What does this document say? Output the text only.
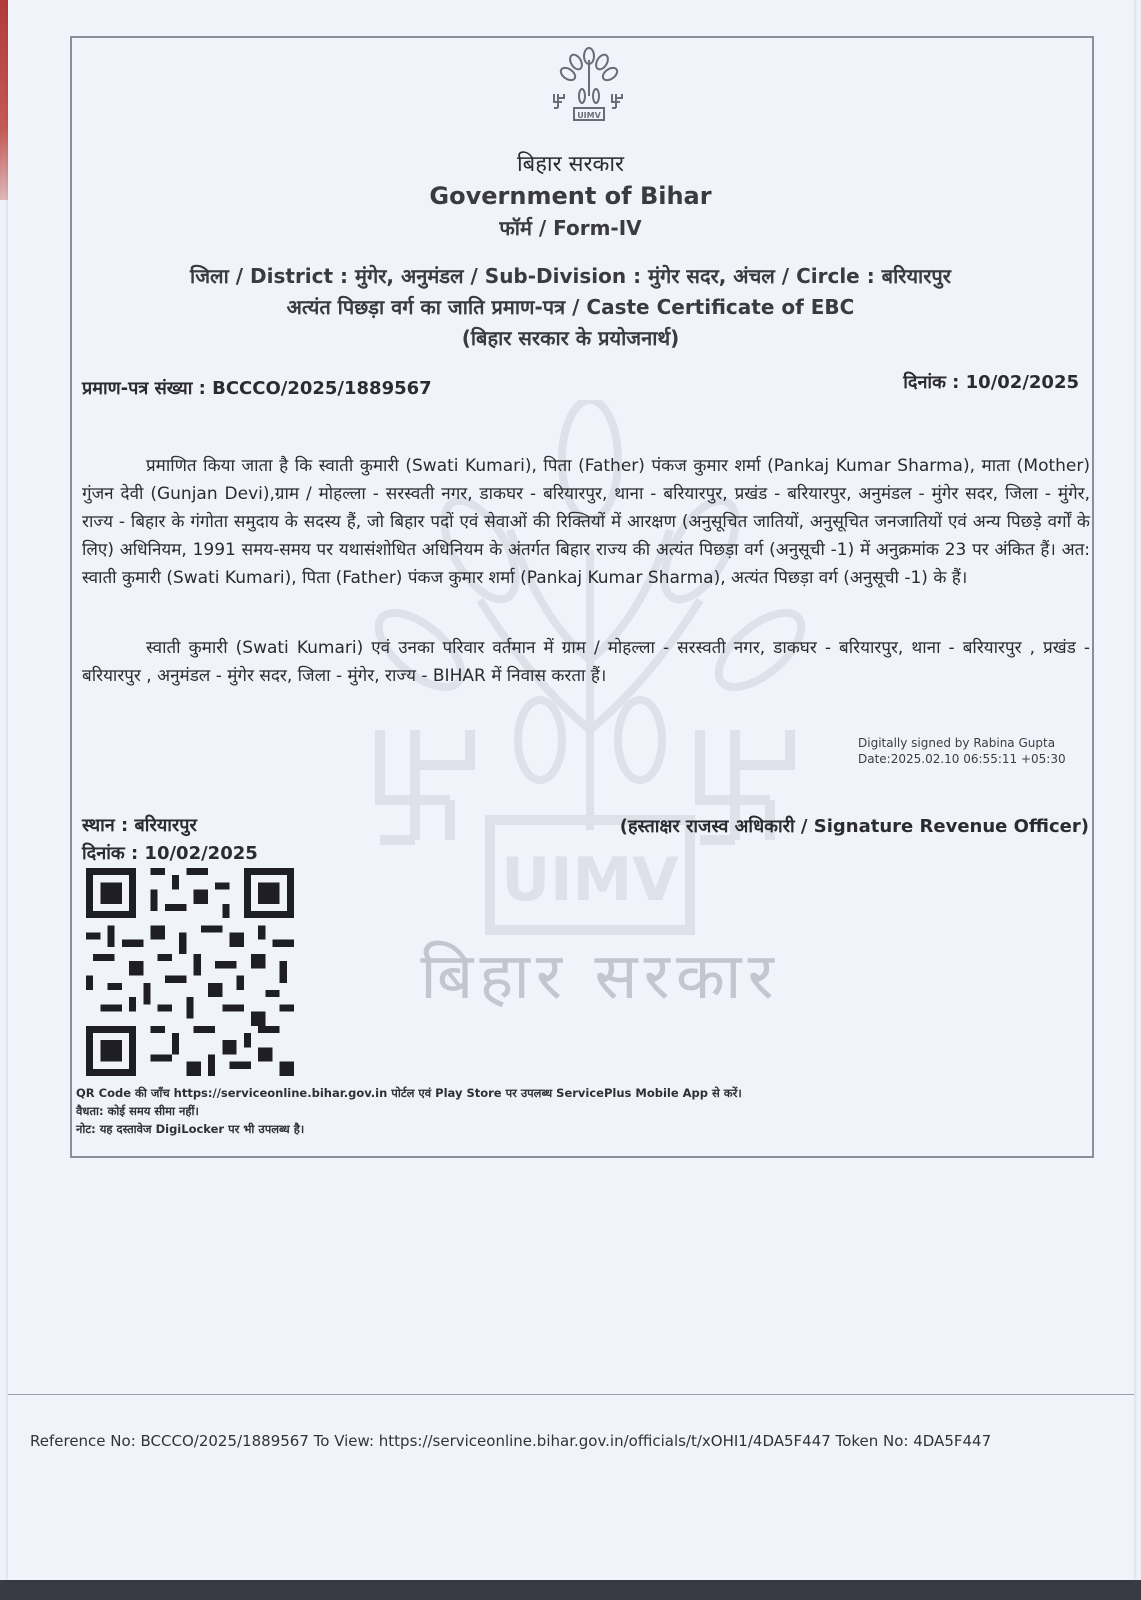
UIMV
बिहार सरकार
UIMV
बिहार सरकार
Government of Bihar
फॉर्म / Form-IV
जिला / District : मुंगेर, अनुमंडल / Sub-Division : मुंगेर सदर, अंचल / Circle : बरियारपुर
अत्यंत पिछड़ा वर्ग का जाति प्रमाण-पत्र / Caste Certificate of EBC
(बिहार सरकार के प्रयोजनार्थ)
प्रमाण-पत्र संख्या : BCCCO/2025/1889567	दिनांक : 10/02/2025

प्रमाणित किया जाता है कि स्वाती कुमारी (Swati Kumari), पिता (Father) पंकज कुमार शर्मा (Pankaj Kumar Sharma), माता (Mother) गुंजन देवी (Gunjan Devi),ग्राम / मोहल्ला - सरस्वती नगर, डाकघर - बरियारपुर, थाना - बरियारपुर, प्रखंड - बरियारपुर, अनुमंडल - मुंगेर सदर, जिला - मुंगेर, राज्य - बिहार के गंगोता समुदाय के सदस्य हैं, जो बिहार पदों एवं सेवाओं की रिक्तियों में आरक्षण (अनुसूचित जातियों, अनुसूचित जनजातियों एवं अन्य पिछड़े वर्गों के लिए) अधिनियम, 1991 समय-समय पर यथासंशोधित अधिनियम के अंतर्गत बिहार राज्य की अत्यंत पिछड़ा वर्ग (अनुसूची -1) में अनुक्रमांक 23 पर अंकित हैं। अत: स्वाती कुमारी (Swati Kumari), पिता (Father) पंकज कुमार शर्मा (Pankaj Kumar Sharma), अत्यंत पिछड़ा वर्ग (अनुसूची -1) के हैं।

स्वाती कुमारी (Swati Kumari) एवं उनका परिवार वर्तमान में ग्राम / मोहल्ला - सरस्वती नगर, डाकघर - बरियारपुर, थाना - बरियारपुर , प्रखंड - बरियारपुर , अनुमंडल - मुंगेर सदर, जिला - मुंगेर, राज्य - BIHAR में निवास करता हैं।

Digitally signed by Rabina Gupta
Date:2025.02.10 06:55:11 +05:30
स्थान : बरियारपुर
दिनांक : 10/02/2025
(हस्ताक्षर राजस्व अधिकारी / Signature Revenue Officer)
QR Code की जाँच https://serviceonline.bihar.gov.in पोर्टल एवं Play Store पर उपलब्ध ServicePlus Mobile App से करें।
वैधता: कोई समय सीमा नहीं।
नोट: यह दस्तावेज DigiLocker पर भी उपलब्ध है।
Reference No: BCCCO/2025/1889567 To View: https://serviceonline.bihar.gov.in/officials/t/xOHI1/4DA5F447 Token No: 4DA5F447
